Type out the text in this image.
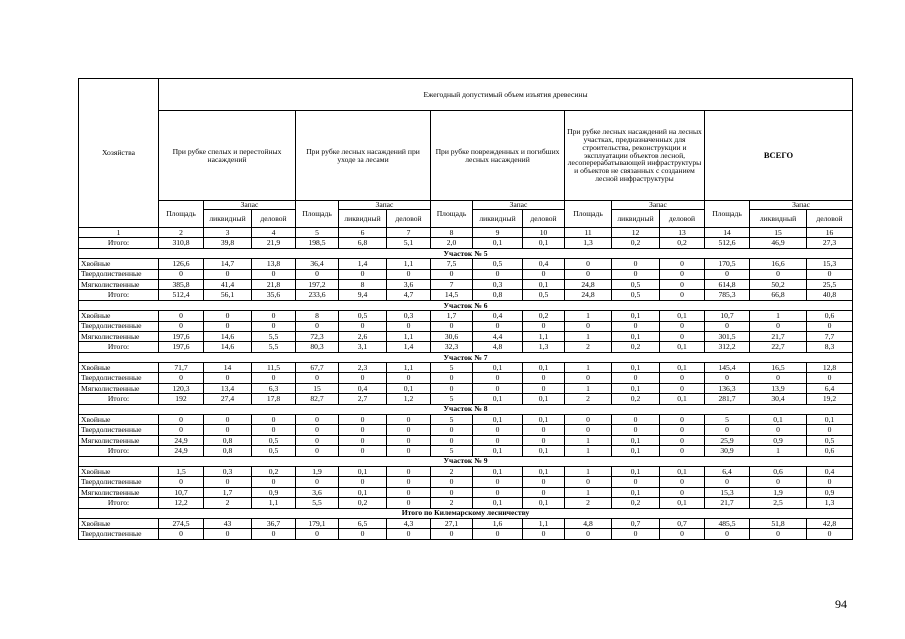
Хозяйства	Ежегодный допустимый объем изъятия древесины														
	При рубке спелых и перестойных насаждений			При рубке лесных насаждений при уходе за лесами			При рубке поврежденных и погибших лесных насаждений			При рубке лесных насаждений на лесных участках, предназначенных для строительства, реконструкции и эксплуатации объектов лесной, лесоперерабатывающей инфраструктуры и объектов не связанных с созданием лесной инфраструктуры			ВСЕГО		
	Площадь	Запас		Площадь	Запас		Площадь	Запас		Площадь	Запас		Площадь	Запас	
		ликвидный	деловой		ликвидный	деловой		ликвидный	деловой		ликвидный	деловой		ликвидный	деловой
1	2	3	4	5	6	7	8	9	10	11	12	13	14	15	16
Итого:	310,8	39,8	21,9	198,5	6,8	5,1	2,0	0,1	0,1	1,3	0,2	0,2	512,6	46,9	27,3
Участок № 5															
Хвойные	126,6	14,7	13,8	36,4	1,4	1,1	7,5	0,5	0,4	0	0	0	170,5	16,6	15,3
Твердолиственные	0	0	0	0	0	0	0	0	0	0	0	0	0	0	0
Мягколиственные	385,8	41,4	21,8	197,2	8	3,6	7	0,3	0,1	24,8	0,5	0	614,8	50,2	25,5
Итого:	512,4	56,1	35,6	233,6	9,4	4,7	14,5	0,8	0,5	24,8	0,5	0	785,3	66,8	40,8
Участок № 6															
Хвойные	0	0	0	8	0,5	0,3	1,7	0,4	0,2	1	0,1	0,1	10,7	1	0,6
Твердолиственные	0	0	0	0	0	0	0	0	0	0	0	0	0	0	0
Мягколиственные	197,6	14,6	5,5	72,3	2,6	1,1	30,6	4,4	1,1	1	0,1	0	301,5	21,7	7,7
Итого:	197,6	14,6	5,5	80,3	3,1	1,4	32,3	4,8	1,3	2	0,2	0,1	312,2	22,7	8,3
Участок № 7															
Хвойные	71,7	14	11,5	67,7	2,3	1,1	5	0,1	0,1	1	0,1	0,1	145,4	16,5	12,8
Твердолиственные	0	0	0	0	0	0	0	0	0	0	0	0	0	0	0
Мягколиственные	120,3	13,4	6,3	15	0,4	0,1	0	0	0	1	0,1	0	136,3	13,9	6,4
Итого:	192	27,4	17,8	82,7	2,7	1,2	5	0,1	0,1	2	0,2	0,1	281,7	30,4	19,2
Участок № 8															
Хвойные	0	0	0	0	0	0	5	0,1	0,1	0	0	0	5	0,1	0,1
Твердолиственные	0	0	0	0	0	0	0	0	0	0	0	0	0	0	0
Мягколиственные	24,9	0,8	0,5	0	0	0	0	0	0	1	0,1	0	25,9	0,9	0,5
Итого:	24,9	0,8	0,5	0	0	0	5	0,1	0,1	1	0,1	0	30,9	1	0,6
Участок № 9															
Хвойные	1,5	0,3	0,2	1,9	0,1	0	2	0,1	0,1	1	0,1	0,1	6,4	0,6	0,4
Твердолиственные	0	0	0	0	0	0	0	0	0	0	0	0	0	0	0
Мягколиственные	10,7	1,7	0,9	3,6	0,1	0	0	0	0	1	0,1	0	15,3	1,9	0,9
Итого:	12,2	2	1,1	5,5	0,2	0	2	0,1	0,1	2	0,2	0,1	21,7	2,5	1,3
Итого по Килемарскому лесничеству															
Хвойные	274,5	43	36,7	179,1	6,5	4,3	27,1	1,6	1,1	4,8	0,7	0,7	485,5	51,8	42,8
Твердолиственные	0	0	0	0	0	0	0	0	0	0	0	0	0	0	0
94
